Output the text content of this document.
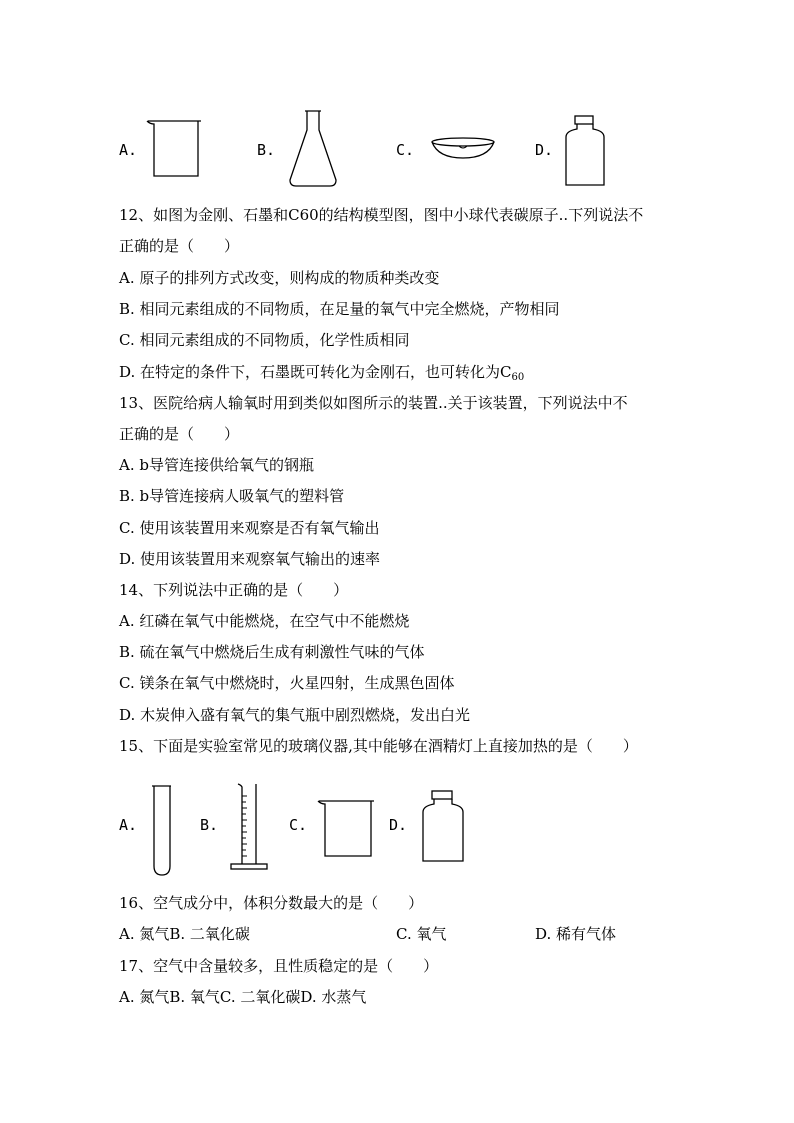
A.	B.	C.	D.
12、如图为金刚、石墨和C60的结构模型图，图中小球代表碳原子..下列说法不
正确的是（　　）
A. 原子的排列方式改变，则构成的物质种类改变
B. 相同元素组成的不同物质，在足量的氧气中完全燃烧，产物相同
C. 相同元素组成的不同物质，化学性质相同
D. 在特定的条件下，石墨既可转化为金刚石，也可转化为$C_{60}$
13、医院给病人输氧时用到类似如图所示的装置..关于该装置，下列说法中不
正确的是（　　）
A. b导管连接供给氧气的钢瓶
B. b导管连接病人吸氧气的塑料管
C. 使用该装置用来观察是否有氧气输出
D. 使用该装置用来观察氧气输出的速率
14、下列说法中正确的是（　　）
A. 红磷在氧气中能燃烧，在空气中不能燃烧
B. 硫在氧气中燃烧后生成有刺激性气味的气体
C. 镁条在氧气中燃烧时，火星四射，生成黑色固体
D. 木炭伸入盛有氧气的集气瓶中剧烈燃烧，发出白光
15、下面是实验室常见的玻璃仪器,其中能够在酒精灯上直接加热的是（　　）
A.	B.	C.	D.
16、空气成分中，体积分数最大的是（　　）
A. 氮气B. 二氧化碳	C. 氧气	D. 稀有气体
17、空气中含量较多，且性质稳定的是（　　）
A. 氮气B. 氧气C. 二氧化碳D. 水蒸气
